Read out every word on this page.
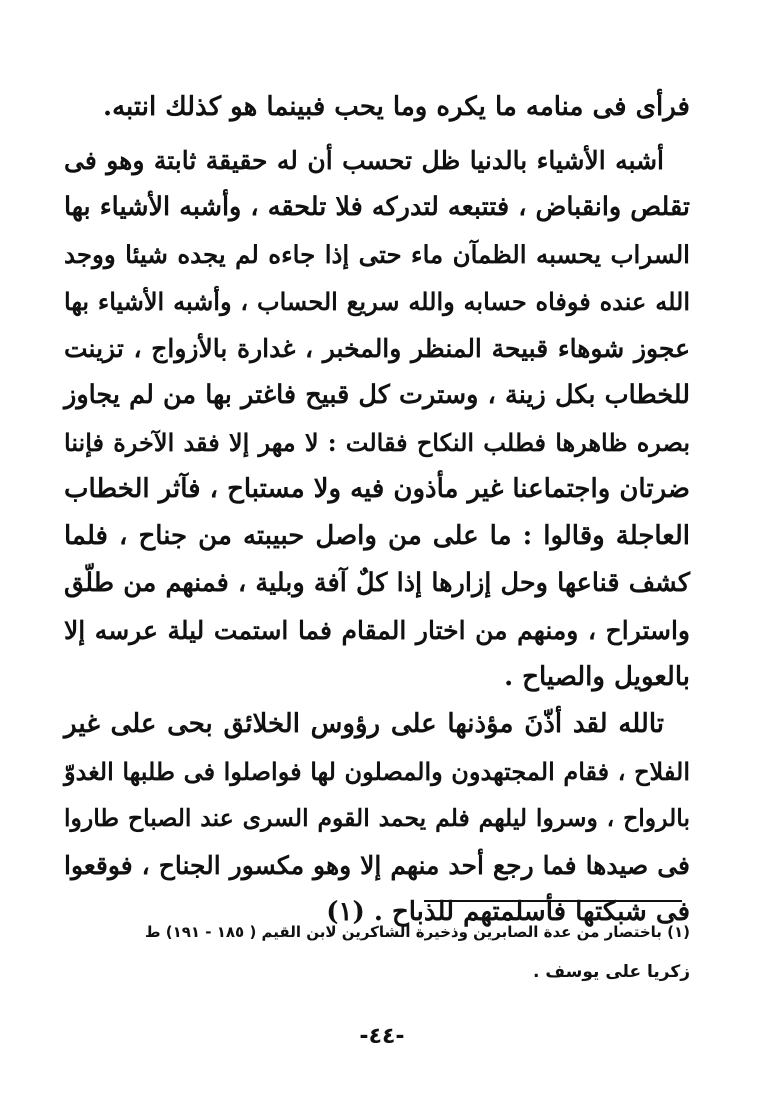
فرأى فى منامه ما يكره وما يحب فبينما هو كذلك انتبه.
أشبه الأشياء بالدنيا ظل تحسب أن له حقيقة ثابتة وهو فى
تقلص وانقباض ، فتتبعه لتدركه فلا تلحقه ، وأشبه الأشياء بها
السراب يحسبه الظمآن ماء حتى إذا جاءه لم يجده شيئا ووجد
الله عنده فوفاه حسابه والله سريع الحساب ، وأشبه الأشياء بها
عجوز شوهاء قبيحة المنظر والمخبر ، غدارة بالأزواج ، تزينت
للخطاب بكل زينة ، وسترت كل قبيح فاغتر بها من لم يجاوز
بصره ظاهرها فطلب النكاح فقالت : لا مهر إلا فقد الآخرة فإننا
ضرتان واجتماعنا غير مأذون فيه ولا مستباح ، فآثر الخطاب
العاجلة وقالوا : ما على من واصل حبيبته من جناح ، فلما
كشف قناعها وحل إزارها إذا كلٌ آفة وبلية ، فمنهم من طلّق
واستراح ، ومنهم من اختار المقام فما استمت ليلة عرسه إلا
بالعويل والصياح .
تالله لقد أذّنَ مؤذنها على رؤوس الخلائق بحى على غير
الفلاح ، فقام المجتهدون والمصلون لها فواصلوا فى طلبها الغدوّ
بالرواح ، وسروا ليلهم فلم يحمد القوم السرى عند الصباح طاروا
فى صيدها فما رجع أحد منهم إلا وهو مكسور الجناح ، فوقعوا
فى شبكتها فأسلمتهم للذباح . (١)
(١) باختصار من عدة الصابرين وذخيرة الشاكرين لابن القيم ( ١٨٥ - ١٩١) ط
زكريا على يوسف .
-٤٤-
